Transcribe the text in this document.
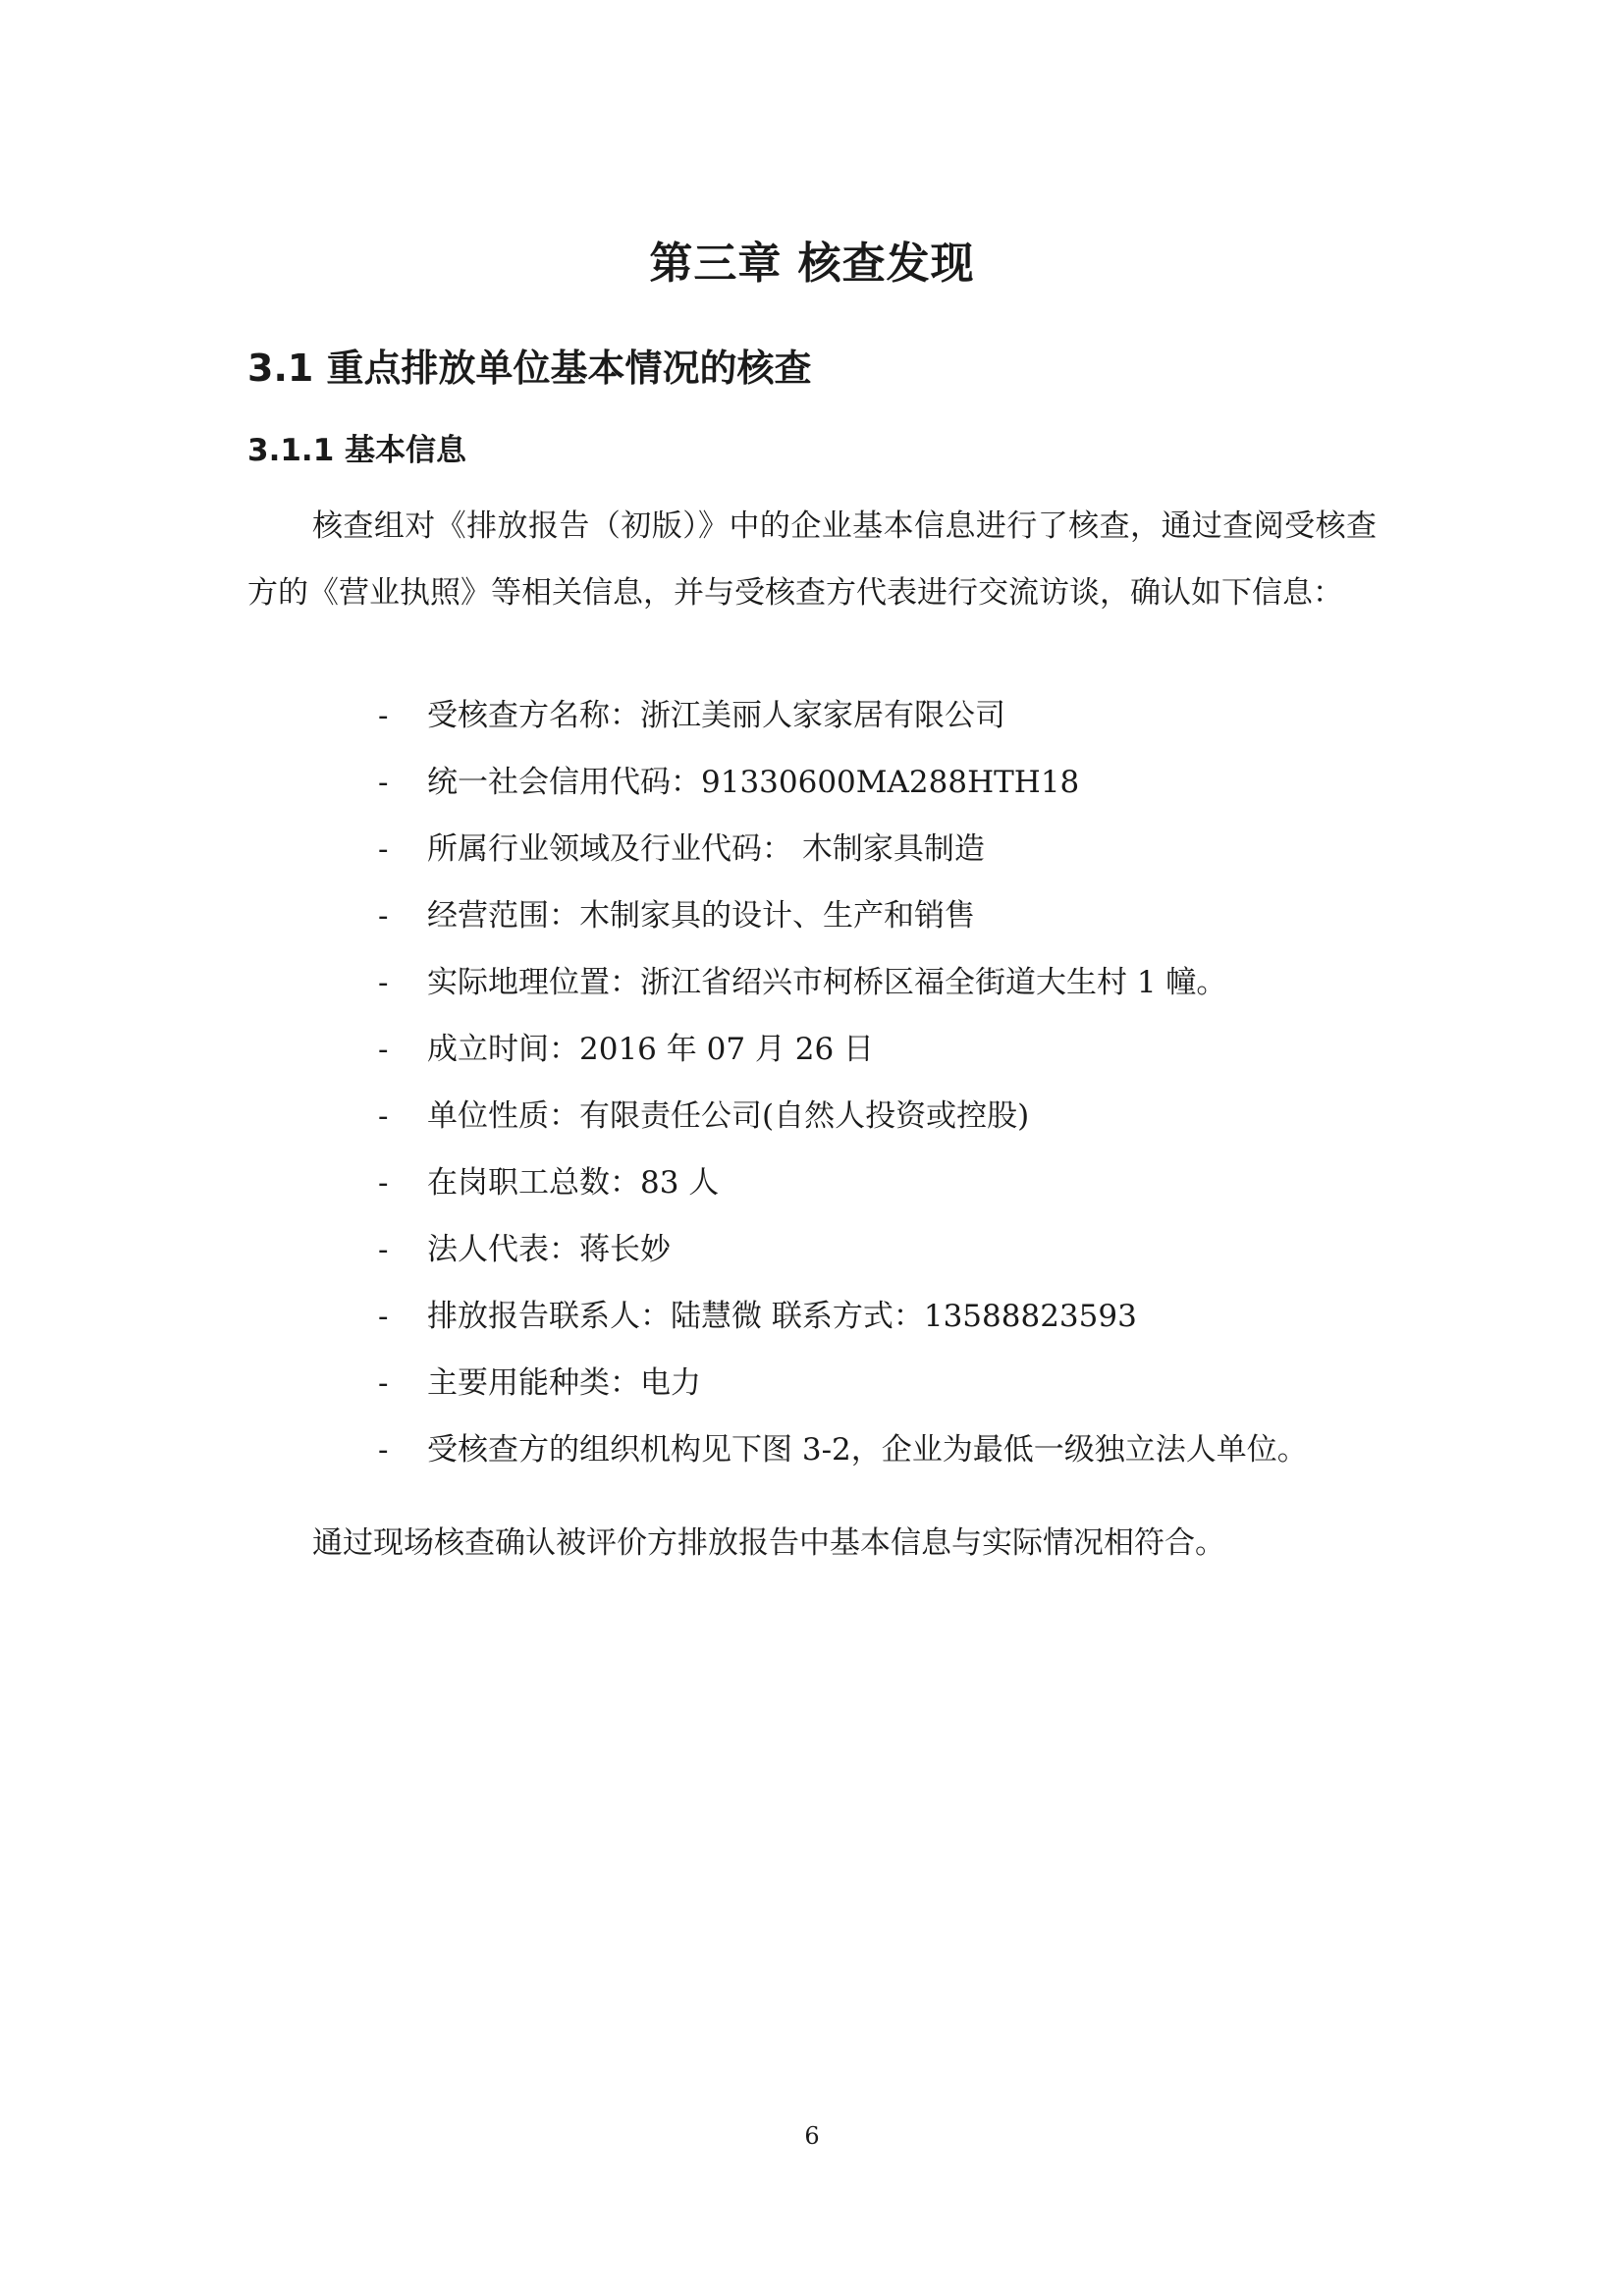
第三章 核查发现
3.1 重点排放单位基本情况的核查
3.1.1 基本信息

核查组对《排放报告（初版）》中的企业基本信息进行了核查，通过查阅受核查方的《营业执照》等相关信息，并与受核查方代表进行交流访谈，确认如下信息：

- 受核查方名称：浙江美丽人家家居有限公司
- 统一社会信用代码：91330600MA288HTH18
- 所属行业领域及行业代码： 木制家具制造
- 经营范围：木制家具的设计、生产和销售
- 实际地理位置：浙江省绍兴市柯桥区福全街道大生村 1 幢。
- 成立时间：2016 年 07 月 26 日
- 单位性质：有限责任公司(自然人投资或控股)
- 在岗职工总数：83 人
- 法人代表：蒋长妙
- 排放报告联系人：陆慧微 联系方式：13588823593
- 主要用能种类：电力
- 受核查方的组织机构见下图 3-2，企业为最低一级独立法人单位。

通过现场核查确认被评价方排放报告中基本信息与实际情况相符合。

6
